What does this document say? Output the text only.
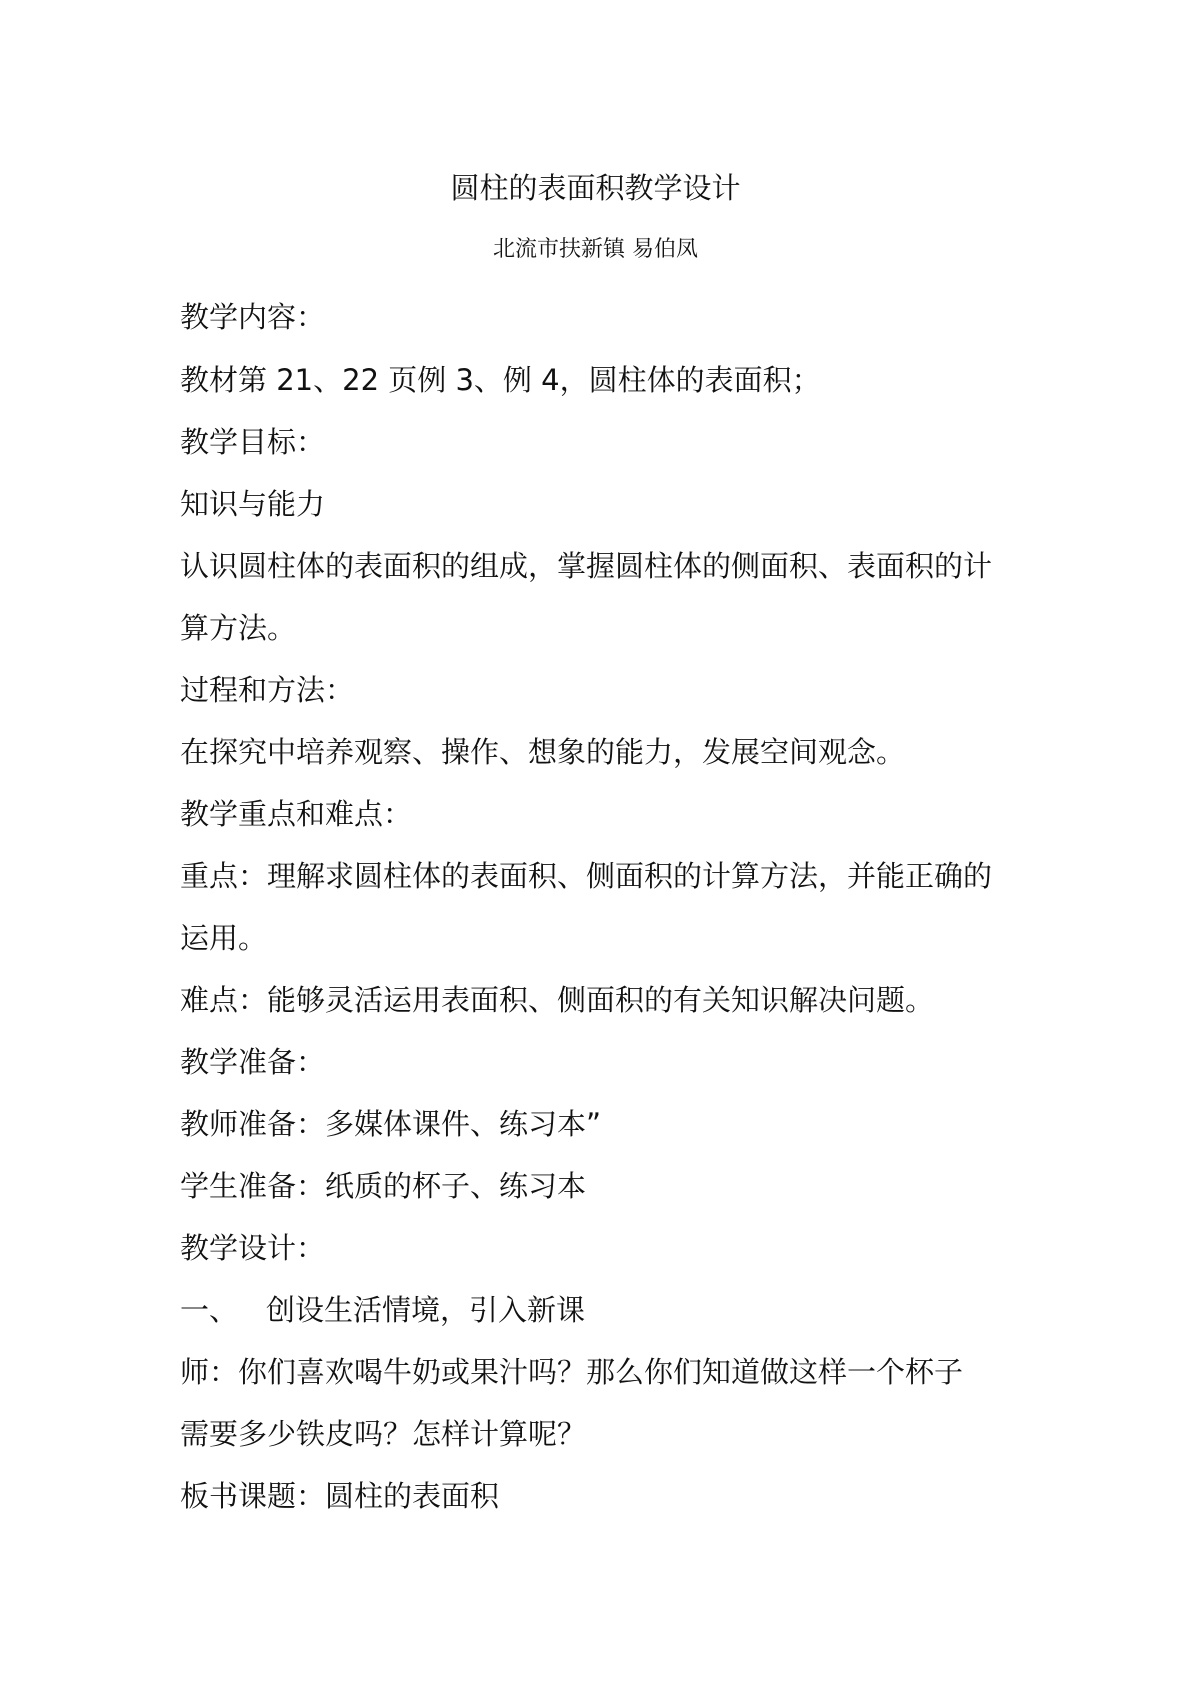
圆柱的表面积教学设计
北流市扶新镇 易伯凤
教学内容：
教材第 21、22 页例 3、例 4，圆柱体的表面积；
教学目标：
知识与能力
认识圆柱体的表面积的组成，掌握圆柱体的侧面积、表面积的计
算方法。
过程和方法：
在探究中培养观察、操作、想象的能力，发展空间观念。
教学重点和难点：
重点：理解求圆柱体的表面积、侧面积的计算方法，并能正确的
运用。
难点：能够灵活运用表面积、侧面积的有关知识解决问题。
教学准备：
教师准备：多媒体课件、练习本”
学生准备：纸质的杯子、练习本
教学设计：
一、 创设生活情境，引入新课
师：你们喜欢喝牛奶或果汁吗？那么你们知道做这样一个杯子
需要多少铁皮吗？怎样计算呢？
板书课题：圆柱的表面积
